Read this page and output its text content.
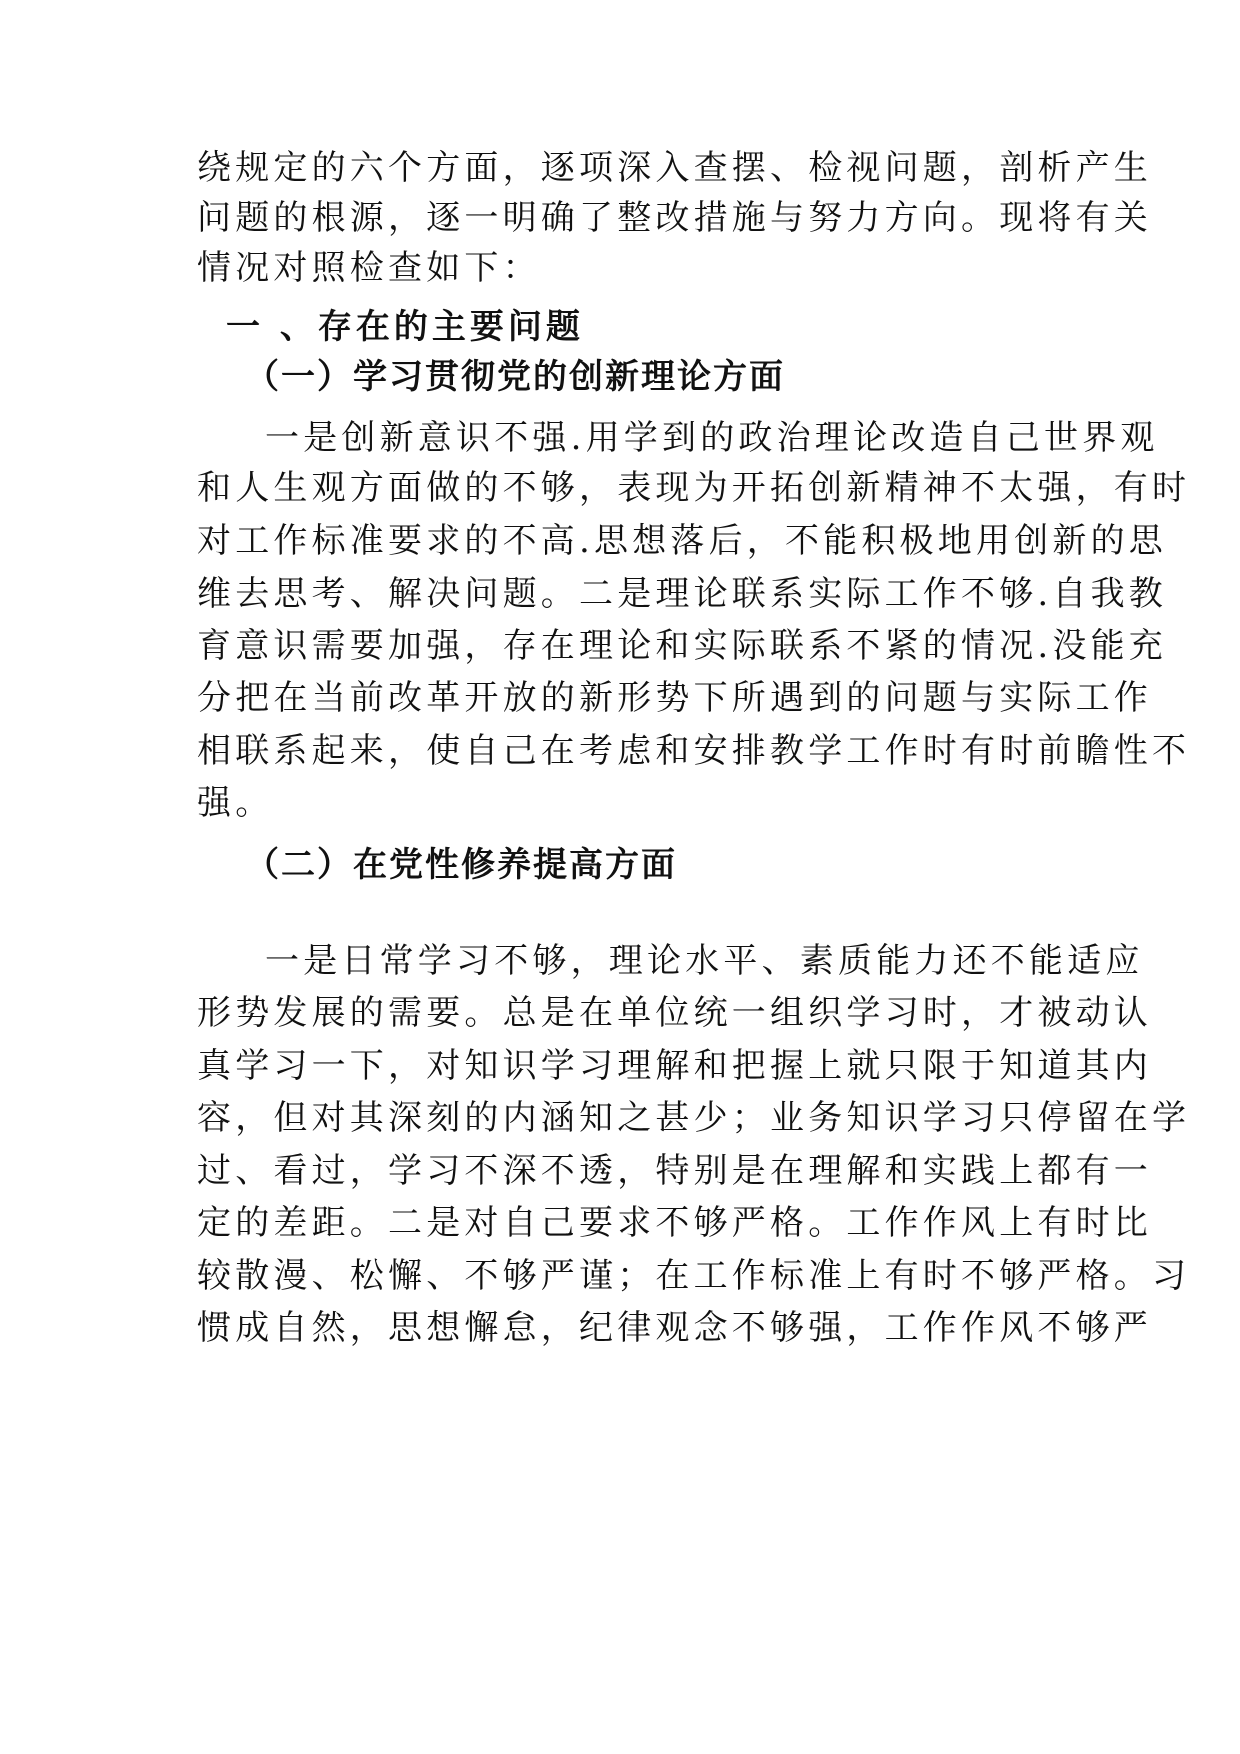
绕规定的六个方面，逐项深入查摆、检视问题，剖析产生
问题的根源，逐一明确了整改措施与努力方向。现将有关
情况对照检查如下：
一 、存在的主要问题
（一）学习贯彻党的创新理论方面
一是创新意识不强.用学到的政治理论改造自己世界观
和人生观方面做的不够，表现为开拓创新精神不太强，有时
对工作标准要求的不高.思想落后，不能积极地用创新的思
维去思考、解决问题。二是理论联系实际工作不够.自我教
育意识需要加强，存在理论和实际联系不紧的情况.没能充
分把在当前改革开放的新形势下所遇到的问题与实际工作
相联系起来，使自己在考虑和安排教学工作时有时前瞻性不
强。
（二）在党性修养提高方面
一是日常学习不够，理论水平、素质能力还不能适应
形势发展的需要。总是在单位统一组织学习时，才被动认
真学习一下，对知识学习理解和把握上就只限于知道其内
容，但对其深刻的内涵知之甚少；业务知识学习只停留在学
过、看过，学习不深不透，特别是在理解和实践上都有一
定的差距。二是对自己要求不够严格。工作作风上有时比
较散漫、松懈、不够严谨；在工作标准上有时不够严格。习
惯成自然，思想懈怠，纪律观念不够强，工作作风不够严
